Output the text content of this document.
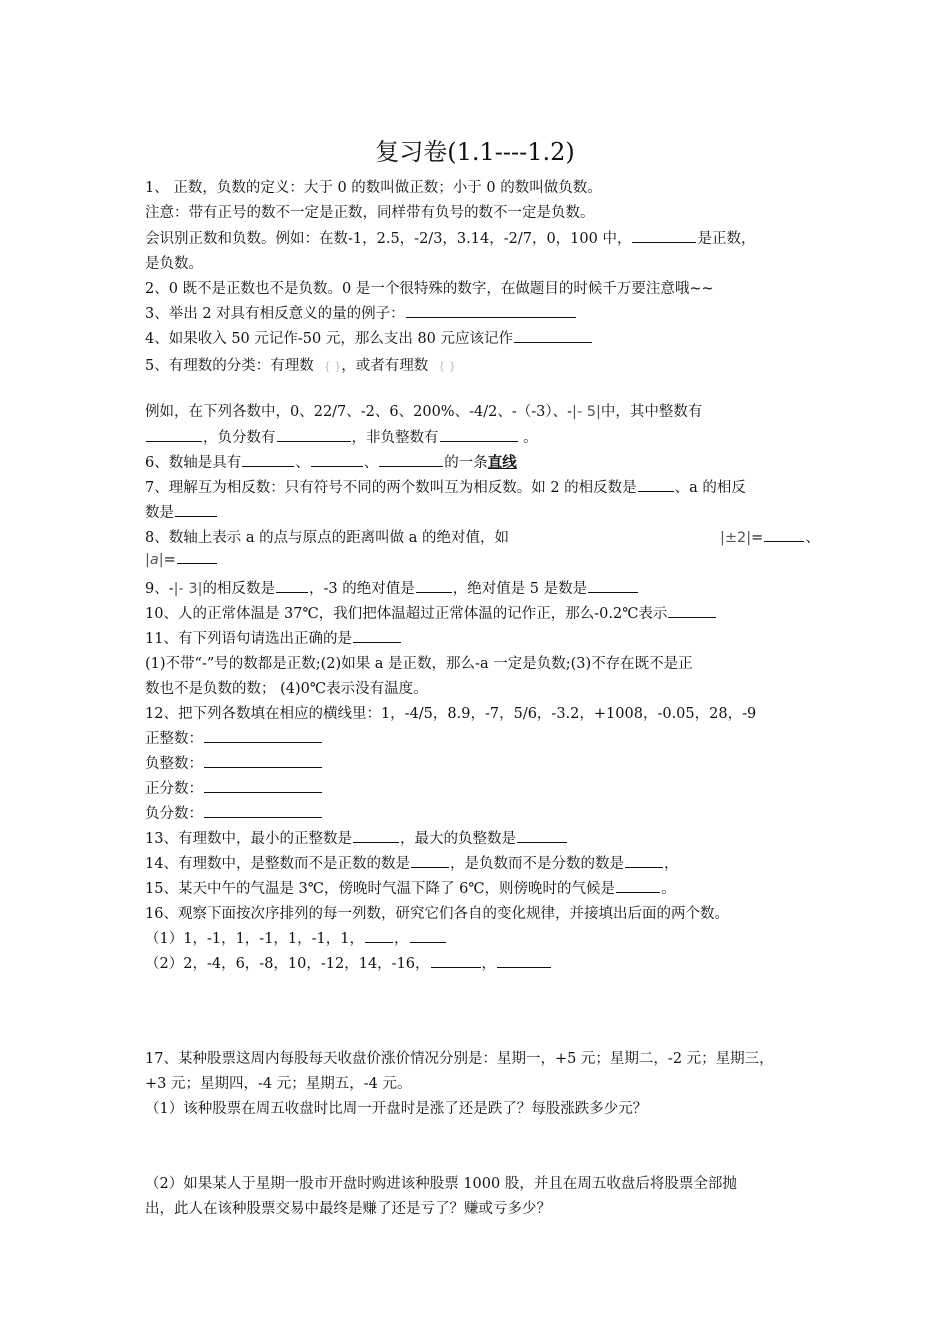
复习卷(1.1----1.2)
1、 正数，负数的定义：大于 0 的数叫做正数；小于 0 的数叫做负数。
注意：带有正号的数不一定是正数，同样带有负号的数不一定是负数。
会识别正数和负数。例如：在数-1，2.5，-2/3，3.14，-2/7，0，100 中，	是正数，
是负数。
2、0 既不是正数也不是负数。0 是一个很特殊的数字，在做题目的时候千万要注意哦~~
3、举出 2 对具有相反意义的量的例子：
4、如果收入 50 元记作-50 元，那么支出 80 元应该记作
5、有理数的分类：有理数 { }，或者有理数 { }
例如，在下列各数中，0、22/7、-2、6、200%、-4/2、-（-3）、-|- 5|中，其中整数有
，负分数有	，非负整数有	。
6、数轴是具有	、	、	的一条直线
7、理解互为相反数：只有符号不同的两个数叫互为相反数。如 2 的相反数是	、a 的相反
数是
8、数轴上表示 a 的点与原点的距离叫做 a 的绝对值，如	|±2|=	、
|a|=
9、-|- 3|的相反数是 ，-3 的绝对值是	，绝对值是 5 是数是
10、人的正常体温是 37℃，我们把体温超过正常体温的记作正，那么-0.2℃表示
11、有下列语句请选出正确的是
(1)不带“-”号的数都是正数;(2)如果 a 是正数，那么-a 一定是负数;(3)不存在既不是正
数也不是负数的数； (4)0℃表示没有温度。
12、把下列各数填在相应的横线里：1，-4/5，8.9，-7，5/6，-3.2，+1008，-0.05，28，-9
正整数：
负整数：
正分数：
负分数：
13、有理数中，最小的正整数是	，最大的负整数是
14、有理数中，是整数而不是正数的数是	，是负数而不是分数的数是	，
15、某天中午的气温是 3℃，傍晚时气温下降了 6℃，则傍晚时的气候是	。
16、观察下面按次序排列的每一列数，研究它们各自的变化规律，并接填出后面的两个数。
（1）1，-1，1，-1，1，-1，1， ，
（2）2，-4，6，-8，10，-12，14，-16，	，
17、某种股票这周内每股每天收盘价涨价情况分别是：星期一，+5 元；星期二，-2 元；星期三，
+3 元；星期四，-4 元；星期五，-4 元。
（1）该种股票在周五收盘时比周一开盘时是涨了还是跌了？每股涨跌多少元？
（2）如果某人于星期一股市开盘时购进该种股票 1000 股，并且在周五收盘后将股票全部抛
出，此人在该种股票交易中最终是赚了还是亏了？赚或亏多少？
